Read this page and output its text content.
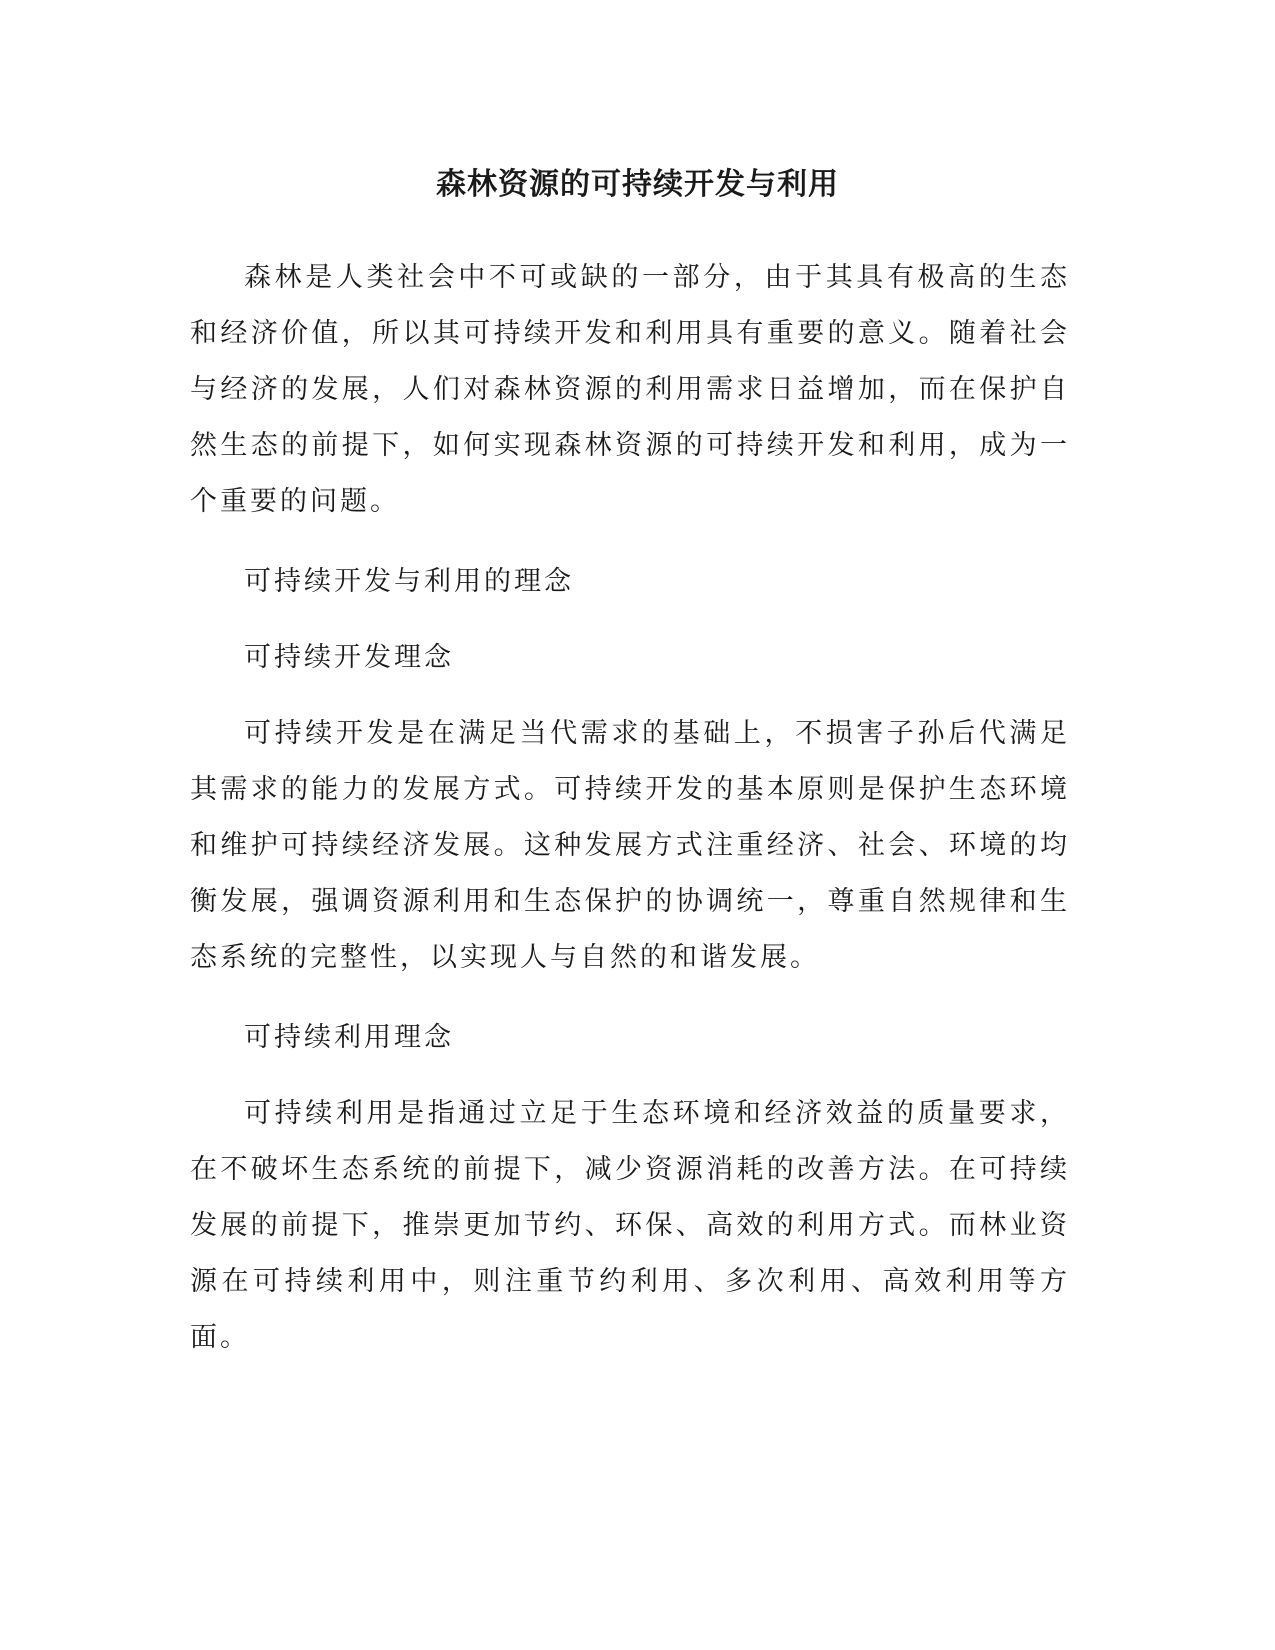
森林资源的可持续开发与利用

森林是人类社会中不可或缺的一部分，由于其具有极高的生态和经济价值，所以其可持续开发和利用具有重要的意义。随着社会与经济的发展，人们对森林资源的利用需求日益增加，而在保护自然生态的前提下，如何实现森林资源的可持续开发和利用，成为一个重要的问题。

可持续开发与利用的理念

可持续开发理念

可持续开发是在满足当代需求的基础上，不损害子孙后代满足其需求的能力的发展方式。可持续开发的基本原则是保护生态环境和维护可持续经济发展。这种发展方式注重经济、社会、环境的均衡发展，强调资源利用和生态保护的协调统一，尊重自然规律和生态系统的完整性，以实现人与自然的和谐发展。

可持续利用理念

可持续利用是指通过立足于生态环境和经济效益的质量要求，在不破坏生态系统的前提下，减少资源消耗的改善方法。在可持续发展的前提下，推崇更加节约、环保、高效的利用方式。而林业资源在可持续利用中，则注重节约利用、多次利用、高效利用等方面。
